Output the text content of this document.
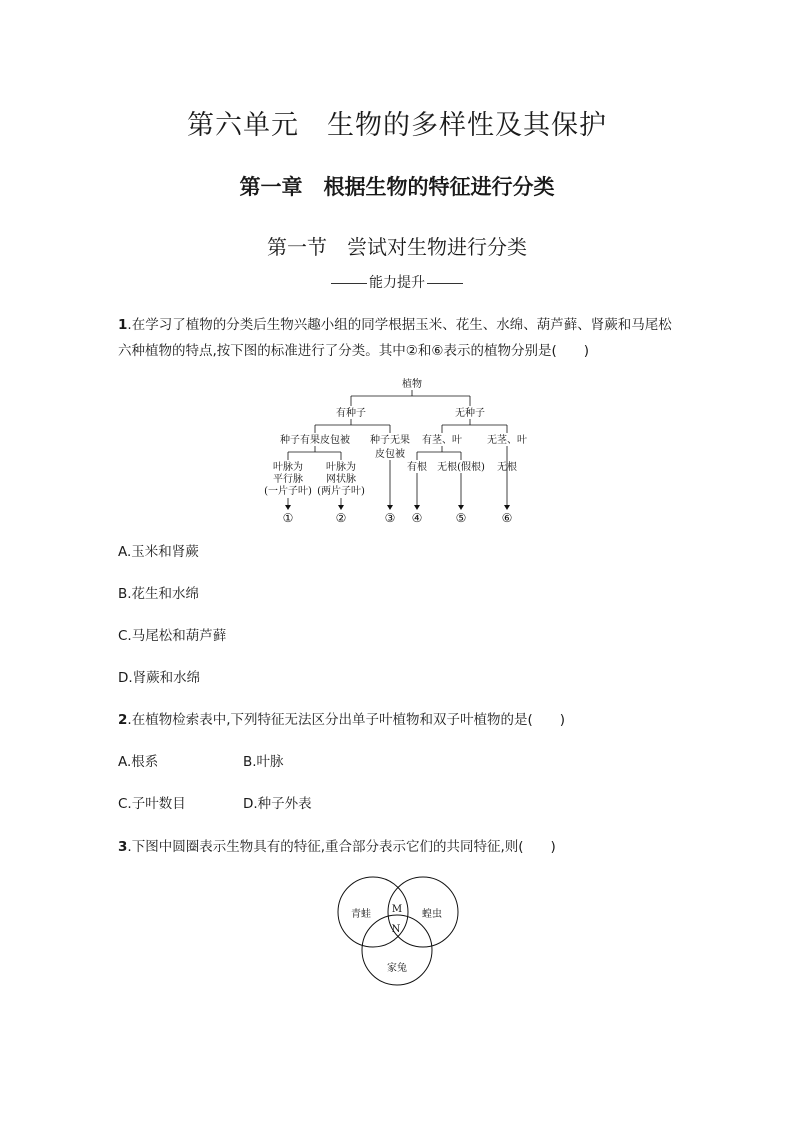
第六单元　生物的多样性及其保护
第一章　根据生物的特征进行分类
第一节　尝试对生物进行分类
能力提升
1.在学习了植物的分类后生物兴趣小组的同学根据玉米、花生、水绵、葫芦藓、肾蕨和马尾松六种植物的特点,按下图的标准进行了分类。其中②和⑥表示的植物分别是(　　)
植物
有种子	无种子
种子有果皮包被 种子无果
皮包被
有茎、叶	无茎、叶
叶脉为
平行脉
(一片子叶)
叶脉为
网状脉
(两片子叶)
有根 无根(假根) 无根
①	②	③ ④	⑤	⑥
A.玉米和肾蕨
B.花生和水绵
C.马尾松和葫芦藓
D.肾蕨和水绵
2.在植物检索表中,下列特征无法区分出单子叶植物和双子叶植物的是(　　)
A.根系	B.叶脉
C.子叶数目	D.种子外表
3.下图中圆圈表示生物具有的特征,重合部分表示它们的共同特征,则(　　)
青蛙	蝗虫
家兔
M
N
